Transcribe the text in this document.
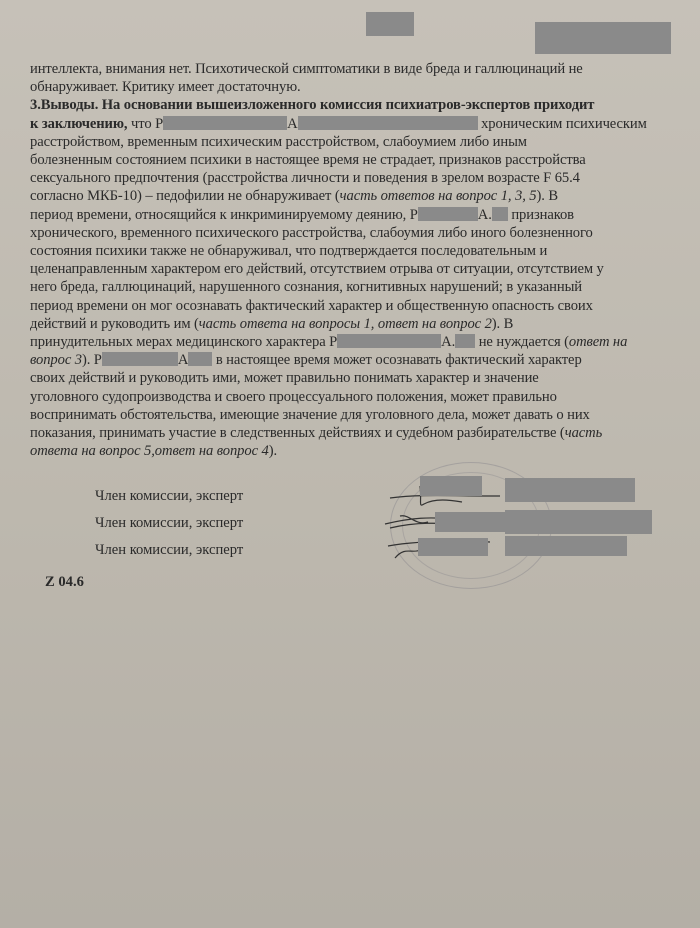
интеллекта, внимания нет. Психотической симптоматики в виде бреда и галлюцинаций не
обнаруживает. Критику имеет достаточную.
3.Выводы. На основании вышеизложенного комиссия психиатров-экспертов приходит
к заключению, что Р	А	хроническим психическим
расстройством, временным психическим расстройством, слабоумием либо иным
болезненным состоянием психики в настоящее время не страдает, признаков расстройства
сексуального предпочтения (расстройства личности и поведения в зрелом возрасте F 65.4
согласно МКБ-10) – педофилии не обнаруживает (часть ответов на вопрос 1, 3, 5). В
период времени, относящийся к инкриминируемому деянию, Р	А. признаков
хронического, временного психического расстройства, слабоумия либо иного болезненного
состояния психики также не обнаруживал, что подтверждается последовательным и
целенаправленным характером его действий, отсутствием отрыва от ситуации, отсутствием у
него бреда, галлюцинаций, нарушенного сознания, когнитивных нарушений; в указанный
период времени он мог осознавать фактический характер и общественную опасность своих
действий и руководить им (часть ответа на вопросы 1, ответ на вопрос 2). В
принудительных мерах медицинского характера Р	А. не нуждается (ответ на
вопрос 3). Р	А в настоящее время может осознавать фактический характер
своих действий и руководить ими, может правильно понимать характер и значение
уголовного судопроизводства и своего процессуального положения, может правильно
воспринимать обстоятельства, имеющие значение для уголовного дела, может давать о них
показания, принимать участие в следственных действиях и судебном разбирательстве (часть
ответа на вопрос 5,ответ на вопрос 4).
Член комиссии, эксперт
Член комиссии, эксперт
Член комиссии, эксперт
Z 04.6
